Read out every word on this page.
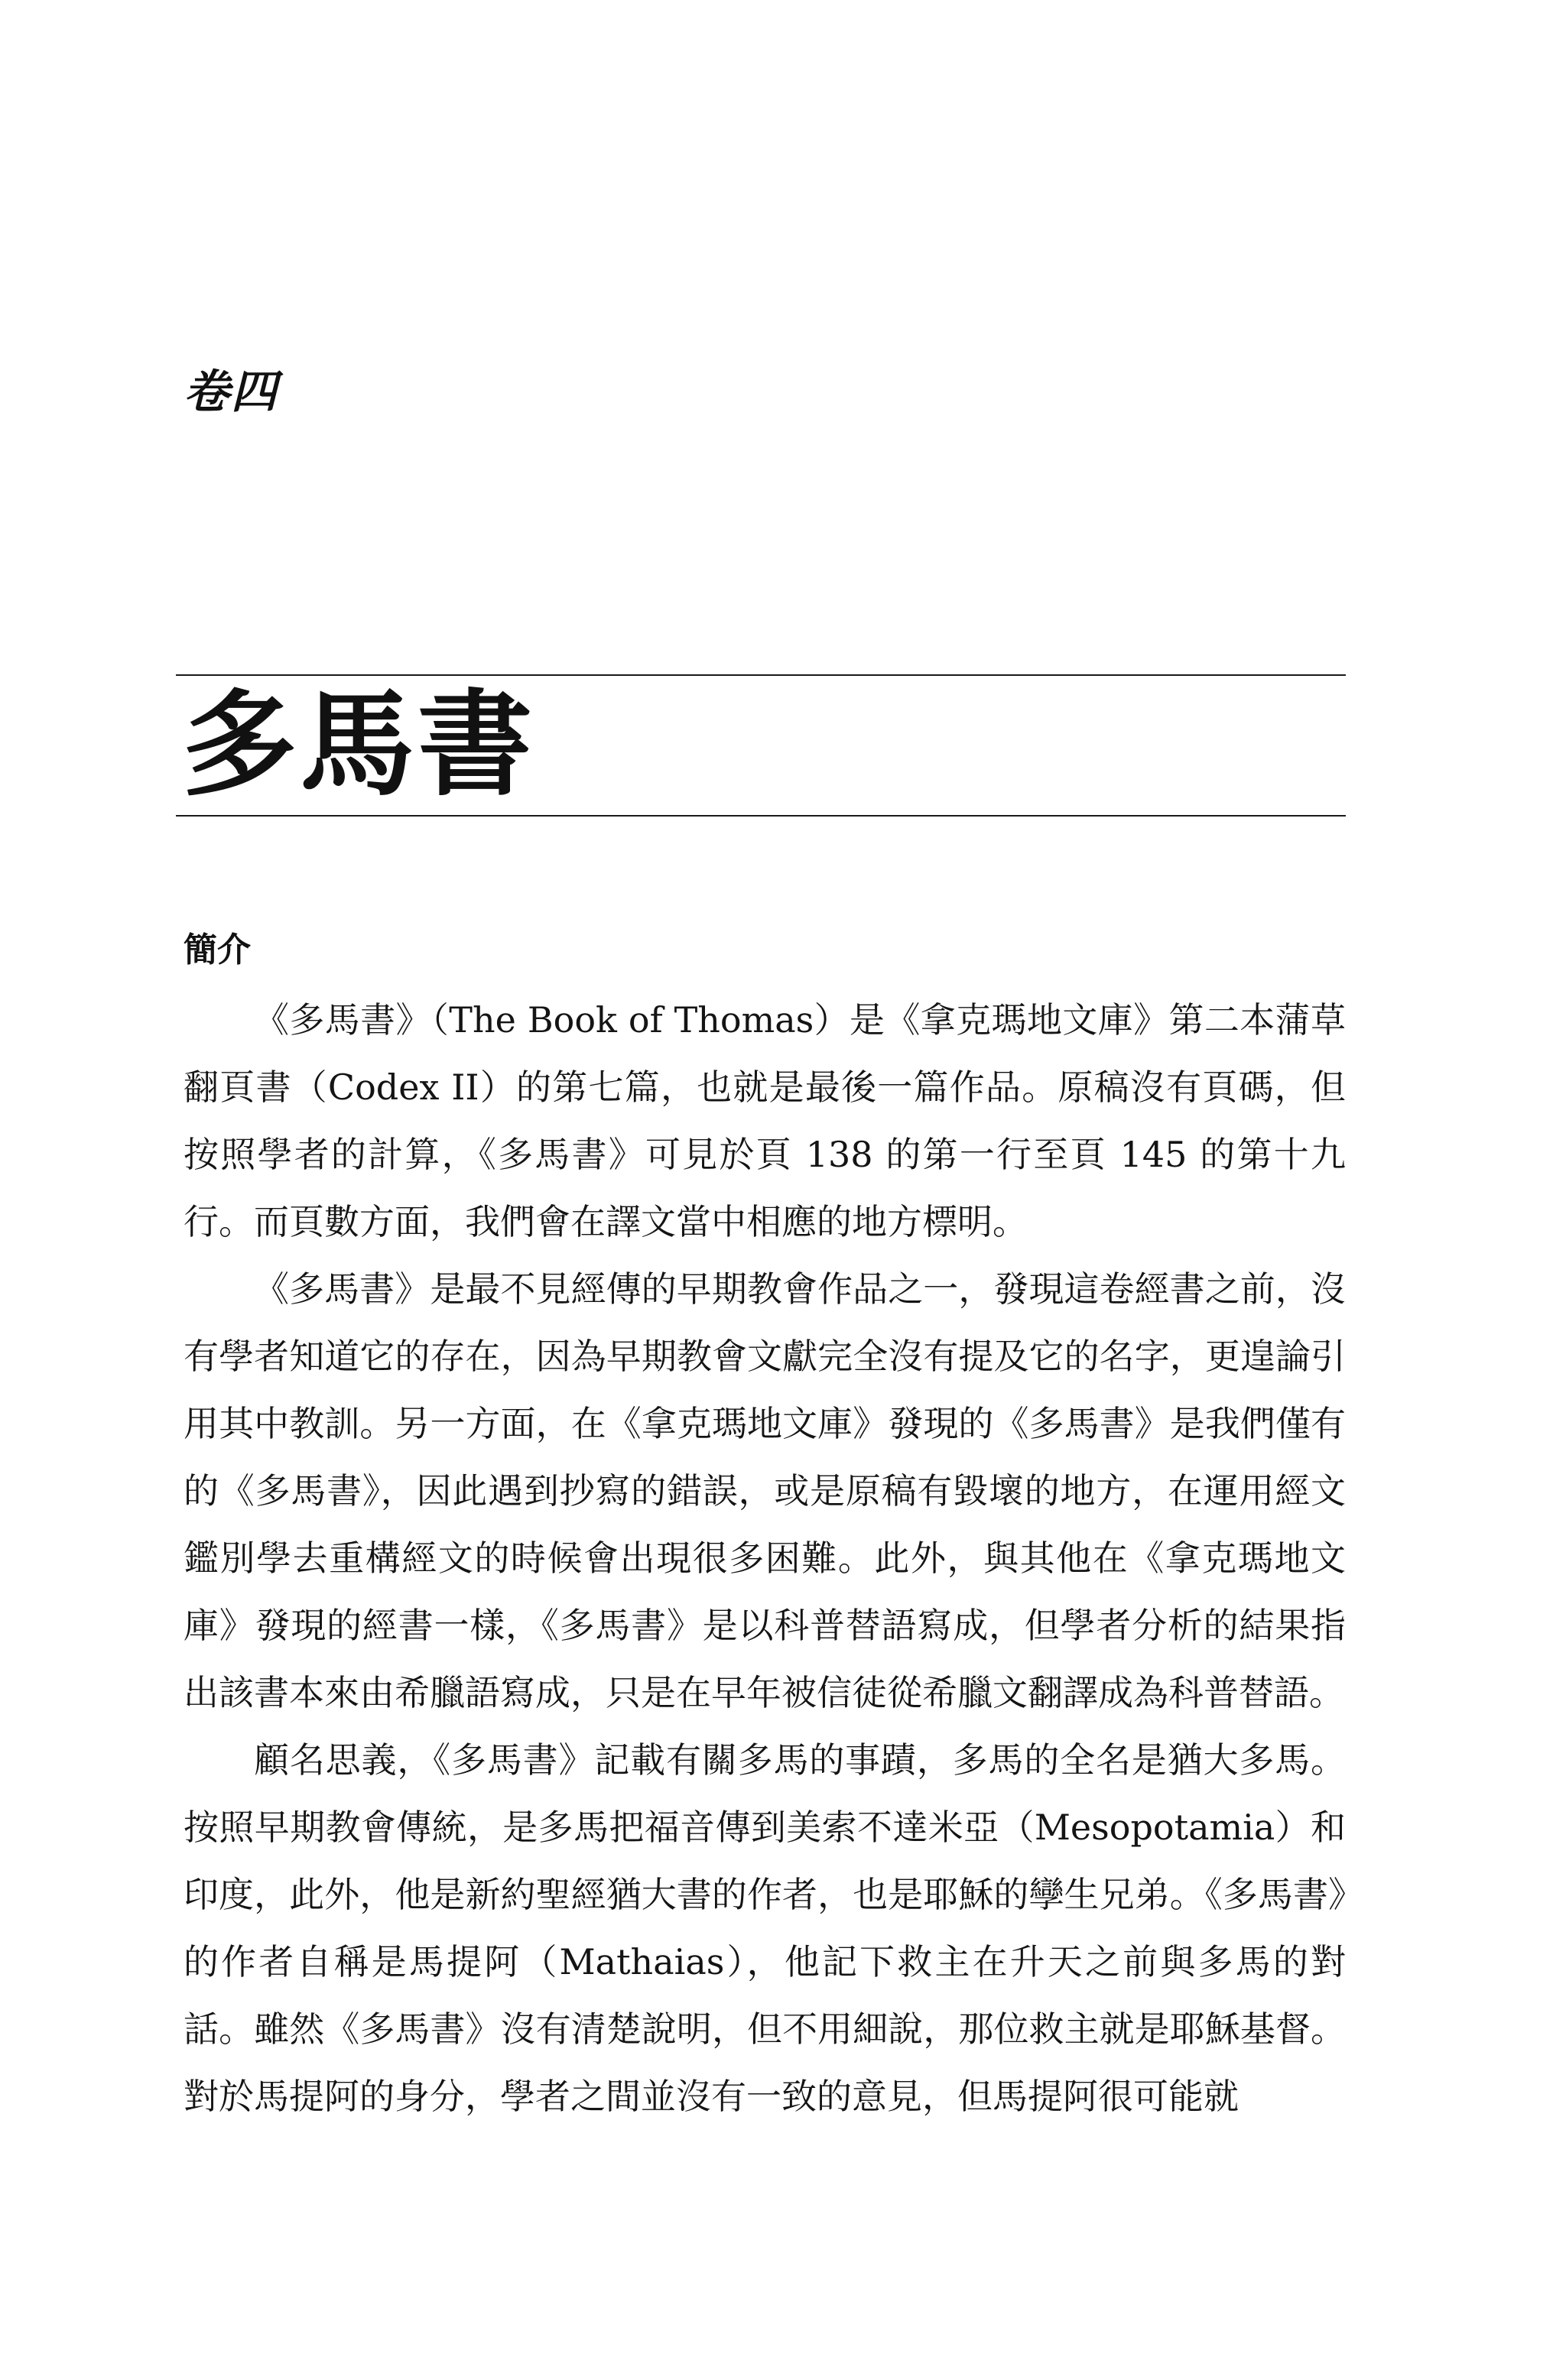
卷四
多馬書
簡介

《多馬書》（The Book of Thomas）是《拿克瑪地文庫》第二本蒲草翻頁書（Codex II）的第七篇，也就是最後一篇作品。原稿沒有頁碼，但按照學者的計算，《多馬書》可見於頁 138 的第一行至頁 145 的第十九行。而頁數方面，我們會在譯文當中相應的地方標明。

《多馬書》是最不見經傳的早期教會作品之一，發現這卷經書之前，沒有學者知道它的存在，因為早期教會文獻完全沒有提及它的名字，更遑論引用其中教訓。另一方面，在《拿克瑪地文庫》發現的《多馬書》是我們僅有的《多馬書》，因此遇到抄寫的錯誤，或是原稿有毀壞的地方，在運用經文鑑別學去重構經文的時候會出現很多困難。此外，與其他在《拿克瑪地文庫》發現的經書一樣，《多馬書》是以科普替語寫成，但學者分析的結果指出該書本來由希臘語寫成，只是在早年被信徒從希臘文翻譯成為科普替語。

顧名思義，《多馬書》記載有關多馬的事蹟，多馬的全名是猶大多馬。按照早期教會傳統，是多馬把福音傳到美索不達米亞（Mesopotamia）和印度，此外，他是新約聖經猶大書的作者，也是耶穌的孿生兄弟。《多馬書》的作者自稱是馬提阿（Mathaias），他記下救主在升天之前與多馬的對話。雖然《多馬書》沒有清楚說明，但不用細說，那位救主就是耶穌基督。對於馬提阿的身分，學者之間並沒有一致的意見，但馬提阿很可能就
